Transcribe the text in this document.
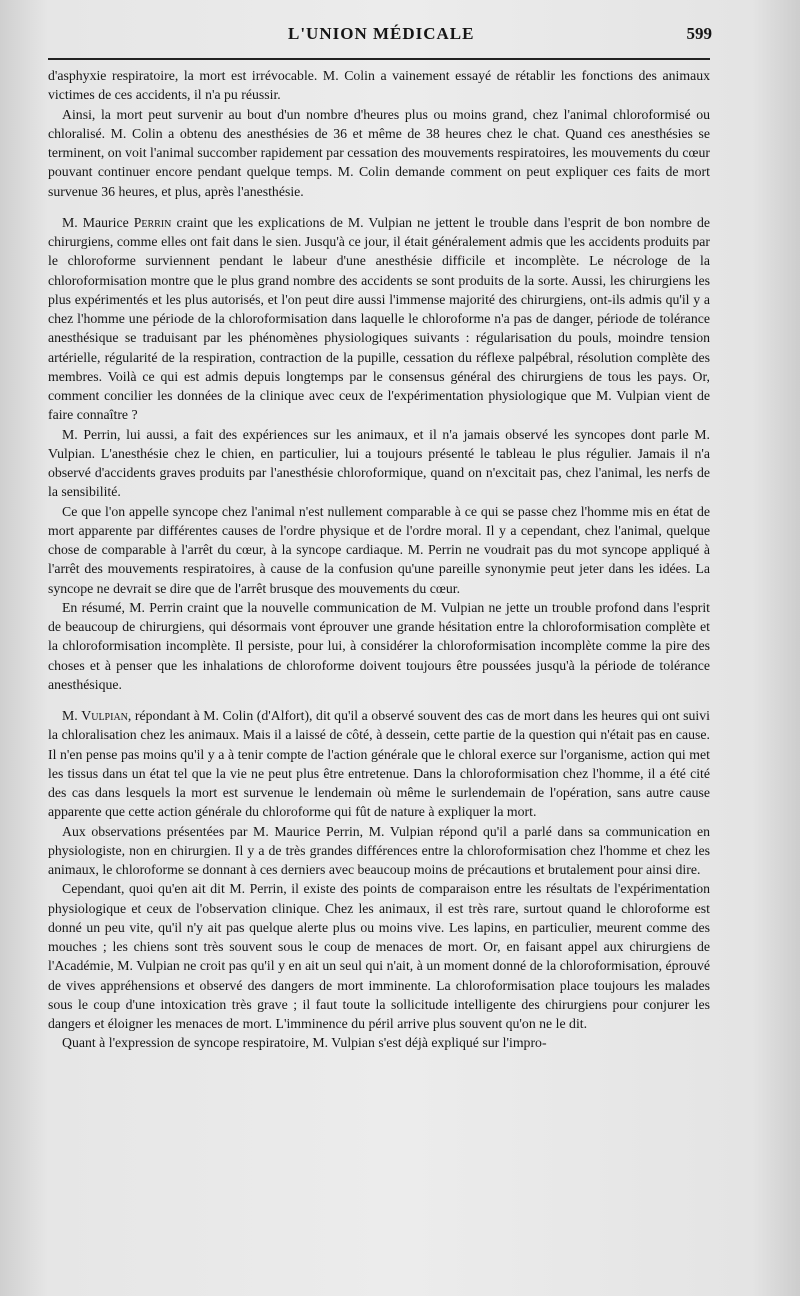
L'UNION MÉDICALE	599

d'asphyxie respiratoire, la mort est irrévocable. M. Colin a vainement essayé de rétablir les fonctions des animaux victimes de ces accidents, il n'a pu réussir.

Ainsi, la mort peut survenir au bout d'un nombre d'heures plus ou moins grand, chez l'animal chloroformisé ou chloralisé. M. Colin a obtenu des anesthésies de 36 et même de 38 heures chez le chat. Quand ces anesthésies se terminent, on voit l'animal succomber rapidement par cessation des mouvements respiratoires, les mouvements du cœur pouvant continuer encore pendant quelque temps. M. Colin demande comment on peut expliquer ces faits de mort survenue 36 heures, et plus, après l'anesthésie.

M. Maurice Perrin craint que les explications de M. Vulpian ne jettent le trouble dans l'esprit de bon nombre de chirurgiens, comme elles ont fait dans le sien. Jusqu'à ce jour, il était généralement admis que les accidents produits par le chloroforme surviennent pendant le labeur d'une anesthésie difficile et incomplète. Le nécrologe de la chloroformisation montre que le plus grand nombre des accidents se sont produits de la sorte. Aussi, les chirurgiens les plus expérimentés et les plus autorisés, et l'on peut dire aussi l'immense majorité des chirurgiens, ont-ils admis qu'il y a chez l'homme une période de la chloroformisation dans laquelle le chloroforme n'a pas de danger, période de tolérance anesthésique se traduisant par les phénomènes physiologiques suivants : régularisation du pouls, moindre tension artérielle, régularité de la respiration, contraction de la pupille, cessation du réflexe palpébral, résolution complète des membres. Voilà ce qui est admis depuis longtemps par le consensus général des chirurgiens de tous les pays. Or, comment concilier les données de la clinique avec ceux de l'expérimentation physiologique que M. Vulpian vient de faire connaître ?

M. Perrin, lui aussi, a fait des expériences sur les animaux, et il n'a jamais observé les syncopes dont parle M. Vulpian. L'anesthésie chez le chien, en particulier, lui a toujours présenté le tableau le plus régulier. Jamais il n'a observé d'accidents graves produits par l'anesthésie chloroformique, quand on n'excitait pas, chez l'animal, les nerfs de la sensibilité.

Ce que l'on appelle syncope chez l'animal n'est nullement comparable à ce qui se passe chez l'homme mis en état de mort apparente par différentes causes de l'ordre physique et de l'ordre moral. Il y a cependant, chez l'animal, quelque chose de comparable à l'arrêt du cœur, à la syncope cardiaque. M. Perrin ne voudrait pas du mot syncope appliqué à l'arrêt des mouvements respiratoires, à cause de la confusion qu'une pareille synonymie peut jeter dans les idées. La syncope ne devrait se dire que de l'arrêt brusque des mouvements du cœur.

En résumé, M. Perrin craint que la nouvelle communication de M. Vulpian ne jette un trouble profond dans l'esprit de beaucoup de chirurgiens, qui désormais vont éprouver une grande hésitation entre la chloroformisation complète et la chloroformisation incomplète. Il persiste, pour lui, à considérer la chloroformisation incomplète comme la pire des choses et à penser que les inhalations de chloroforme doivent toujours être poussées jusqu'à la période de tolérance anesthésique.

M. Vulpian, répondant à M. Colin (d'Alfort), dit qu'il a observé souvent des cas de mort dans les heures qui ont suivi la chloralisation chez les animaux. Mais il a laissé de côté, à dessein, cette partie de la question qui n'était pas en cause. Il n'en pense pas moins qu'il y a à tenir compte de l'action générale que le chloral exerce sur l'organisme, action qui met les tissus dans un état tel que la vie ne peut plus être entretenue. Dans la chloroformisation chez l'homme, il a été cité des cas dans lesquels la mort est survenue le lendemain où même le surlendemain de l'opération, sans autre cause apparente que cette action générale du chloroforme qui fût de nature à expliquer la mort.

Aux observations présentées par M. Maurice Perrin, M. Vulpian répond qu'il a parlé dans sa communication en physiologiste, non en chirurgien. Il y a de très grandes différences entre la chloroformisation chez l'homme et chez les animaux, le chloroforme se donnant à ces derniers avec beaucoup moins de précautions et brutalement pour ainsi dire.

Cependant, quoi qu'en ait dit M. Perrin, il existe des points de comparaison entre les résultats de l'expérimentation physiologique et ceux de l'observation clinique. Chez les animaux, il est très rare, surtout quand le chloroforme est donné un peu vite, qu'il n'y ait pas quelque alerte plus ou moins vive. Les lapins, en particulier, meurent comme des mouches ; les chiens sont très souvent sous le coup de menaces de mort. Or, en faisant appel aux chirurgiens de l'Académie, M. Vulpian ne croit pas qu'il y en ait un seul qui n'ait, à un moment donné de la chloroformisation, éprouvé de vives appréhensions et observé des dangers de mort imminente. La chloroformisation place toujours les malades sous le coup d'une intoxication très grave ; il faut toute la sollicitude intelligente des chirurgiens pour conjurer les dangers et éloigner les menaces de mort. L'imminence du péril arrive plus souvent qu'on ne le dit.

Quant à l'expression de syncope respiratoire, M. Vulpian s'est déjà expliqué sur l'impro-
